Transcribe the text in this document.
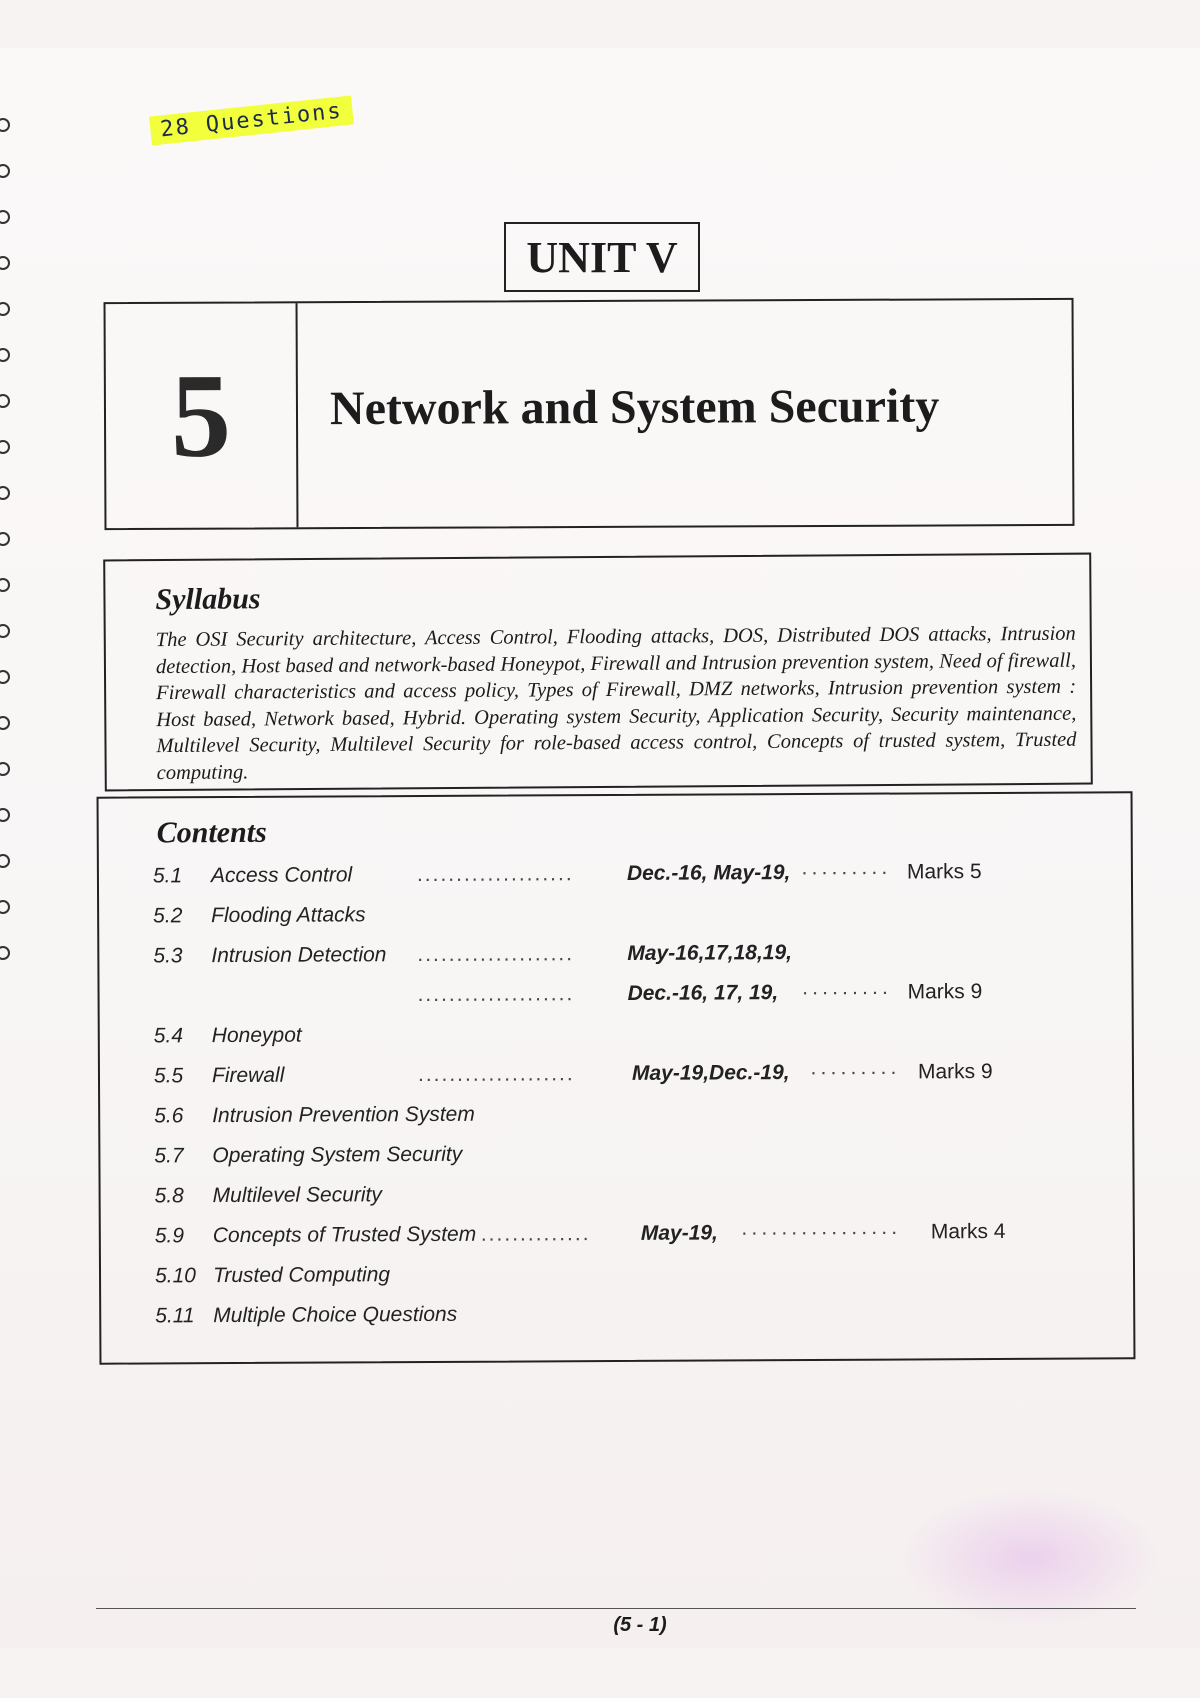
28 Questions
UNIT V
5	Network and System Security
Syllabus

The OSI Security architecture, Access Control, Flooding attacks, DOS, Distributed DOS attacks, Intrusion detection, Host based and network-based Honeypot, Firewall and Intrusion prevention system, Need of firewall, Firewall characteristics and access policy, Types of Firewall, DMZ networks, Intrusion prevention system : Host based, Network based, Hybrid. Operating system Security, Application Security, Security maintenance, Multilevel Security, Multilevel Security for role-based access control, Concepts of trusted system, Trusted computing.

Contents
5.1 Access Control	....................	Dec.-16, May-19, ········· Marks 5
5.2 Flooding Attacks
5.3 Intrusion Detection ....................	May-16,17,18,19,
....................	Dec.-16, 17, 19, ········· Marks 9
5.4 Honeypot
5.5 Firewall	....................	May-19,Dec.-19, ········· Marks 9
5.6 Intrusion Prevention System
5.7 Operating System Security
5.8 Multilevel Security
5.9 Concepts of Trusted System .............. May-19, ················ Marks 4
5.10 Trusted Computing
5.11 Multiple Choice Questions
(5 - 1)
